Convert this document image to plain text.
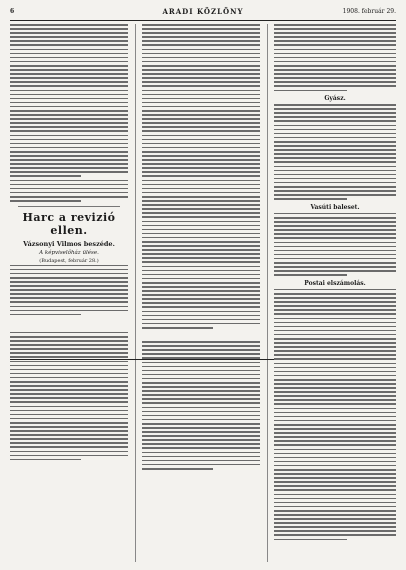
6	ARADI KÖZLÖNY	1908. február 29.
Harc a revizió ellen.
Vázsonyi Vilmos beszéde.
A képviselőház ülése.
(Budapest, február 28.)
Gyász.
Vasúti baleset.
Postai elszámolás.
